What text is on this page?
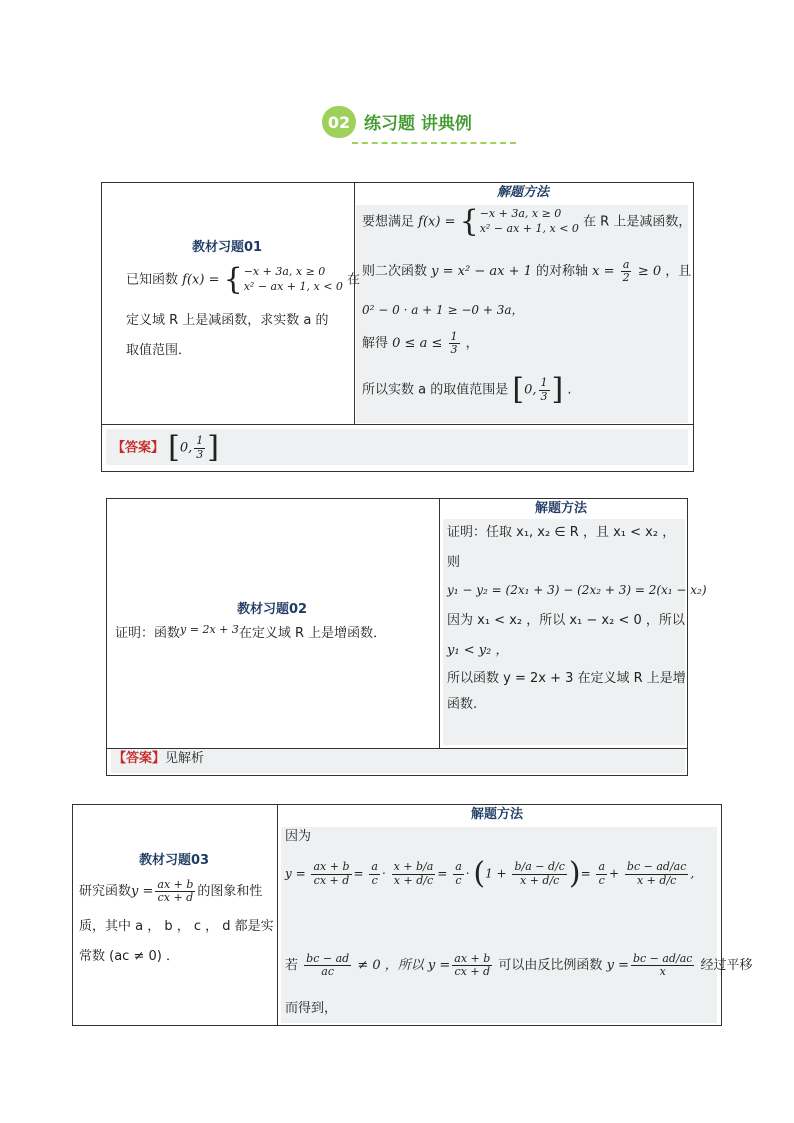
02 练习题 讲典例
教材习题01
已知函数 f(x) = { −x + 3a, x ≥ 0
x² − ax + 1, x < 0 在
定义域 R 上是减函数，求实数 a 的
取值范围．
解题方法
要想满足 f(x) = { −x + 3a, x ≥ 0
x² − ax + 1, x < 0 在 R 上是减函数，
则二次函数 y = x² − ax + 1 的对称轴 $x = \frac{a}{2} \ge 0$ ，且
0² − 0 · a + 1 ≥ −0 + 3a，
解得 $0 \le a \le \frac{1}{3}$ ，
所以实数 a 的取值范围是 [0, $\frac{1}{3}$ ] .
【答案】 [0, $\frac{1}{3}$ ]
教材习题02
证明：函数$^{y = 2x + 3}$在定义域 R 上是增函数．
解题方法
证明：任取 x₁, x₂ ∈ R ，且 x₁ < x₂ ，
则
y₁ − y₂ = (2x₁ + 3) − (2x₂ + 3) = 2(x₁ − x₂)
因为 x₁ < x₂ ，所以 x₁ − x₂ < 0 ，所以
y₁ < y₂ ，
所以函数 y = 2x + 3 在定义域 R 上是增
函数.
【答案】见解析
教材习题03
研究函数$y = \frac{ax + b}{cx + d}$ 的图象和性
质，其中 a ， b ， c ， d 都是实
常数 (ac ≠ 0) ．
解题方法
因为
$y = \frac{ax + b}{cx + d} = \frac{a}{c} \cdot \frac{x + b/a}{x + d/c} = \frac{a}{c} \cdot (1 + \frac{b/a - d/c}{x + d/c}$ )= $\frac{a}{c} + \frac{bc - ad/ac}{x + d/c}$ ,
若 $\frac{bc - ad}{ac} \ne 0$ ，所以 $y = \frac{ax + b}{cx + d}$ 可以由反比例函数 $y = \frac{bc - ad/ac}{x}$ 经过平移
而得到，
